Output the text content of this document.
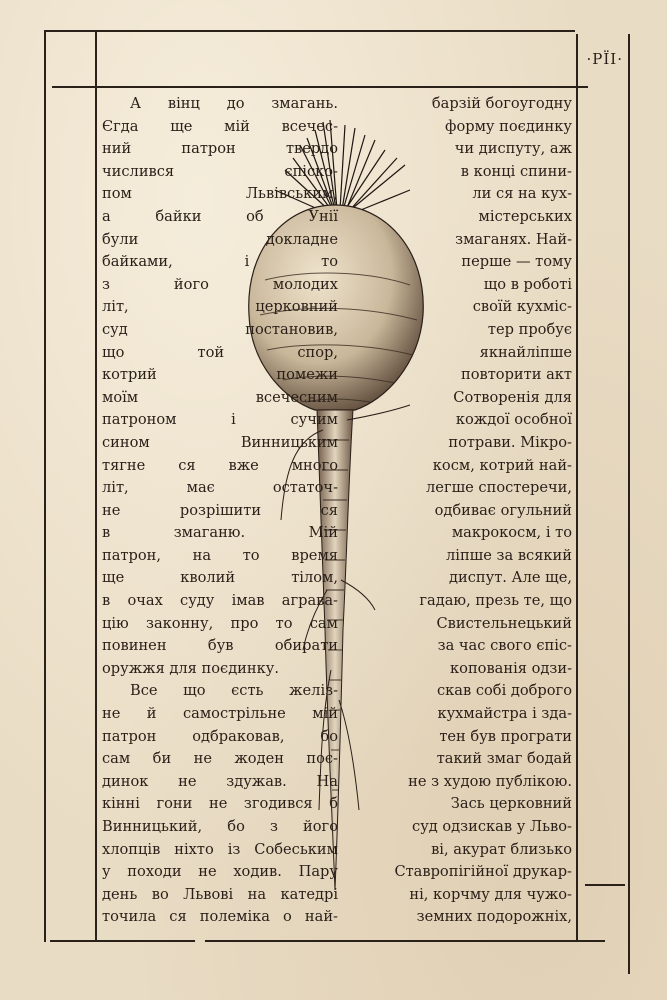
·РЇІ·
А вінц до змагань.
Єгда ще мій всечес-
ний патрон твердо
числився єпіско-
пом Львівським,
а байки об Унії
були докладне
байками, і то
з його молодих
літ, церковний
суд постановив,
що той спор,
котрий помежи
моїм всечесним
патроном і сучим
сином Винницьким
тягне ся вже много
літ, має остаточ-
не розрішити ся
в змаганю. Мій
патрон, на то время
ще кволий тілом,
в очах суду імав агрaва-
цію законну, про то сам
повинен був обирати
оружжя для поєдинку.
Все що єсть желіз-
не й самострільне мій
патрон одбраковав, бо
сам би не жоден поє-
динок не здужав. На
кінні гони не згодився б
Винницький, бо з його
хлопців ніхто із Собеським
у походи не ходив. Пару
день во Львові на катедрі
точила ся полеміка о най-
барзій богоугодну
форму поєдинку
чи диспуту, аж
в конці спини-
ли ся на кух-
містерських
змаганях. Най-
перше — тому
що в роботі
своїй кухміс-
тер пробує
якнайліпше
повторити акт
Сотворенія для
кождої особної
потрави. Мікро-
косм, котрий най-
легше спостеречи,
одбиває огульний
макрокосм, і то
ліпше за всякий
диспут. Але ще,
гадаю, презь те, що
Свистельнецький
за час свого єпіс-
копованія одзи-
скав собі доброго
кухмайстра і зда-
тен був програти
такий змаг бодай
не з худою публікою.
Зась церковний
суд одзискав у Льво-
ві, акурат близько
Ставропігійної друкар-
ні, корчму для чужо-
земних подорожніх,
